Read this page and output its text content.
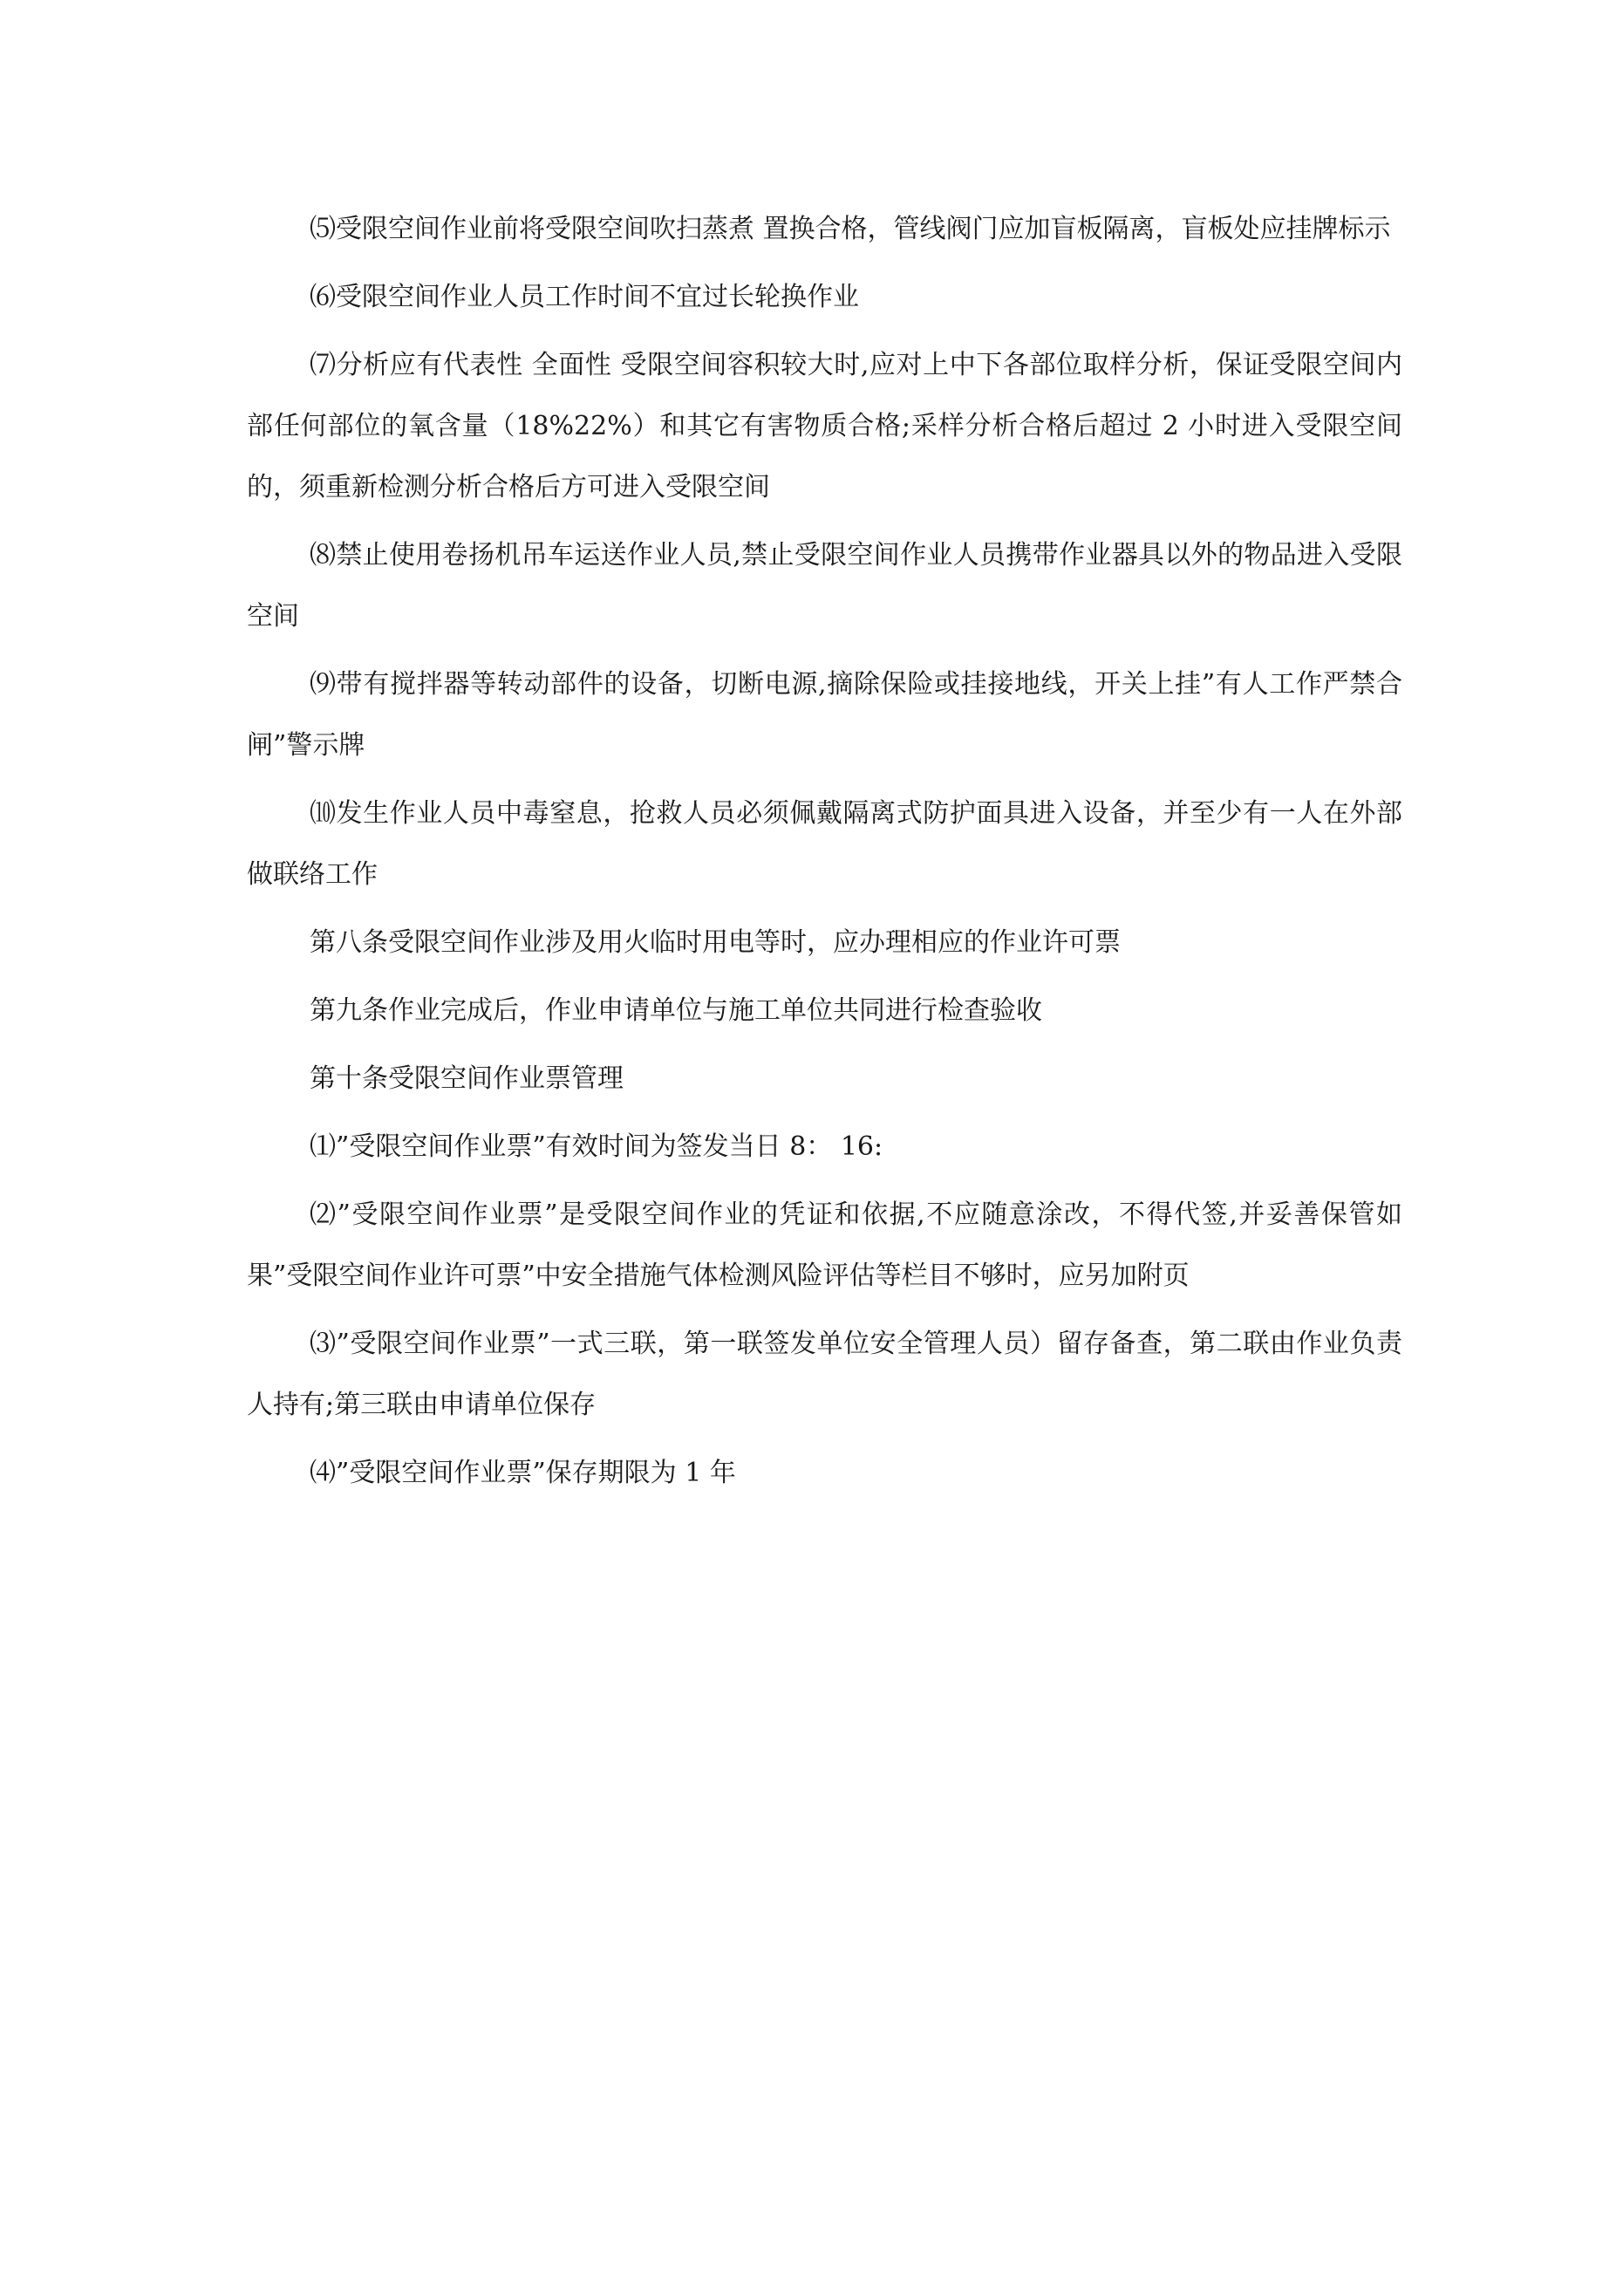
⑸受限空间作业前将受限空间吹扫蒸煮 置换合格，管线阀门应加盲板隔离，盲板处应挂牌标示

⑹受限空间作业人员工作时间不宜过长轮换作业

⑺分析应有代表性 全面性 受限空间容积较大时,应对上中下各部位取样分析，保证受限空间内部任何部位的氧含量（18%22%）和其它有害物质合格;采样分析合格后超过 2 小时进入受限空间的，须重新检测分析合格后方可进入受限空间

⑻禁止使用卷扬机吊车运送作业人员,禁止受限空间作业人员携带作业器具以外的物品进入受限空间

⑼带有搅拌器等转动部件的设备，切断电源,摘除保险或挂接地线，开关上挂”有人工作严禁合闸”警示牌

⑽发生作业人员中毒窒息，抢救人员必须佩戴隔离式防护面具进入设备，并至少有一人在外部做联络工作

第八条受限空间作业涉及用火临时用电等时，应办理相应的作业许可票

第九条作业完成后，作业申请单位与施工单位共同进行检查验收

第十条受限空间作业票管理

⑴”受限空间作业票”有效时间为签发当日 8： 16:

⑵”受限空间作业票”是受限空间作业的凭证和依据,不应随意涂改，不得代签,并妥善保管如果”受限空间作业许可票”中安全措施气体检测风险评估等栏目不够时，应另加附页

⑶”受限空间作业票”一式三联，第一联签发单位安全管理人员）留存备查，第二联由作业负责人持有;第三联由申请单位保存

⑷”受限空间作业票”保存期限为 1 年
